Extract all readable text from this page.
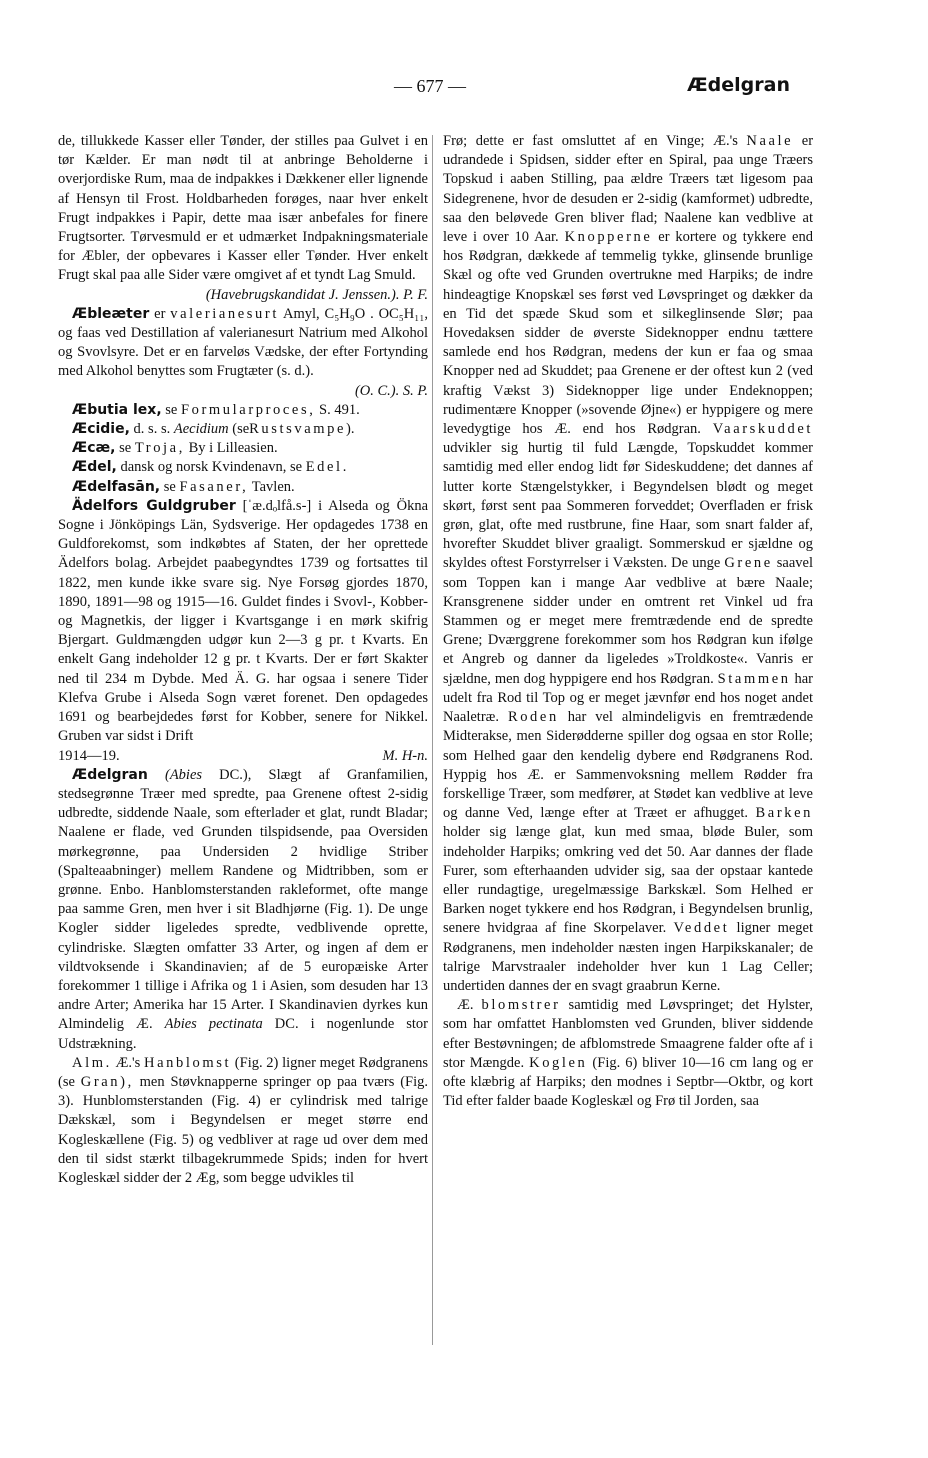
— 677 —	Ædelgran

de, tillukkede Kasser eller Tønder, der stilles paa Gulvet i en tør Kælder. Er man nødt til at anbringe Beholderne i overjordiske Rum, maa de indpakkes i Dækkener eller lignende af Hensyn til Frost. Holdbarheden forøges, naar hver enkelt Frugt indpakkes i Papir, dette maa især anbefales for finere Frugtsorter. Tørvesmuld er et udmærket Indpakningsmateriale for Æbler, der opbevares i Kasser eller Tønder. Hver enkelt Frugt skal paa alle Sider være omgivet af et tyndt Lag Smuld.

(Havebrugskandidat J. Jenssen.). P. F.

Æbleæter er valerianesurt Amyl, C₅H₉O . OC₅H₁₁, og faas ved Destillation af valerianesurt Natrium med Alkohol og Svovlsyre. Det er en farveløs Vædske, der efter Fortynding med Alkohol benyttes som Frugtæter (s. d.).

(O. C.). S. P.

Æbutia lex, se Formularproces, S. 491.

Æcidie, d. s. s. Aecidium (seRustsvampe).

Æcæ, se Troja, By i Lilleasien.

Ædel, dansk og norsk Kvindenavn, se Edel.

Ædelfasān, se Fasaner, Tavlen.

Ädelfors Guldgruber [ˈæ.dₒlfå.s-] i Alseda og Ökna Sogne i Jönköpings Län, Sydsverige. Her opdagedes 1738 en Guldforekomst, som indkøbtes af Staten, der her oprettede Ädelfors bolag. Arbejdet paabegyndtes 1739 og fortsattes til 1822, men kunde ikke svare sig. Nye Forsøg gjordes 1870, 1890, 1891—98 og 1915—16. Guldet findes i Svovl-, Kobber- og Magnetkis, der ligger i Kvartsgange i en mørk skifrig Bjergart. Guldmængden udgør kun 2—3 g pr. t Kvarts. En enkelt Gang indeholder 12 g pr. t Kvarts. Der er ført Skakter ned til 234 m Dybde. Med Ä. G. har ogsaa i senere Tider Klefva Grube i Alseda Sogn været forenet. Den opdagedes 1691 og bearbejdedes først for Kobber, senere for Nikkel. Gruben var sidst i Drift

1914—19.	M. H-n.

Ædelgran (Abies DC.), Slægt af Granfamilien, stedsegrønne Træer med spredte, paa Grenene oftest 2-sidig udbredte, siddende Naale, som efterlader et glat, rundt Bladar; Naalene er flade, ved Grunden tilspidsende, paa Oversiden mørkegrønne, paa Undersiden 2 hvidlige Striber (Spalteaabninger) mellem Randene og Midtribben, som er grønne. Enbo. Hanblomsterstanden rakleformet, ofte mange paa samme Gren, men hver i sit Bladhjørne (Fig. 1). De unge Kogler sidder ligeledes spredte, vedblivende oprette, cylindriske. Slægten omfatter 33 Arter, og ingen af dem er vildtvoksende i Skandinavien; af de 5 europæiske Arter forekommer 1 tillige i Afrika og 1 i Asien, som desuden har 13 andre Arter; Amerika har 15 Arter. I Skandinavien dyrkes kun Almindelig Æ. Abies pectinata DC. i nogenlunde stor Udstrækning.

Alm. Æ.'s Hanblomst (Fig. 2) ligner meget Rødgranens (se Gran), men Støvknapperne springer op paa tværs (Fig. 3). Hunblomsterstanden (Fig. 4) er cylindrisk med talrige Dækskæl, som i Begyndelsen er meget større end Kogleskællene (Fig. 5) og vedbliver at rage ud over dem med den til sidst stærkt tilbagekrummede Spids; inden for hvert Kogleskæl sidder der 2 Æg, som begge udvikles til

Frø; dette er fast omsluttet af en Vinge; Æ.'s Naale er udrandede i Spidsen, sidder efter en Spiral, paa unge Træers Topskud i aaben Stilling, paa ældre Træers tæt ligesom paa Sidegrenene, hvor de desuden er 2-sidig (kamformet) udbredte, saa den beløvede Gren bliver flad; Naalene kan vedblive at leve i over 10 Aar. Knopperne er kortere og tykkere end hos Rødgran, dækkede af temmelig tykke, glinsende brunlige Skæl og ofte ved Grunden overtrukne med Harpiks; de indre hindeagtige Knopskæl ses først ved Løvspringet og dækker da en Tid det spæde Skud som et silkeglinsende Slør; paa Hovedaksen sidder de øverste Sideknopper endnu tættere samlede end hos Rødgran, medens der kun er faa og smaa Knopper ned ad Skuddet; paa Grenene er der oftest kun 2 (ved kraftig Vækst 3) Sideknopper lige under Endeknoppen; rudimentære Knopper (»sovende Øjne«) er hyppigere og mere levedygtige hos Æ. end hos Rødgran. Vaarskuddet udvikler sig hurtig til fuld Længde, Topskuddet kommer samtidig med eller endog lidt før Sideskuddene; det dannes af lutter korte Stængelstykker, i Begyndelsen blødt og meget skørt, først sent paa Sommeren forveddet; Overfladen er frisk grøn, glat, ofte med rustbrune, fine Haar, som snart falder af, hvorefter Skuddet bliver graaligt. Sommerskud er sjældne og skyldes oftest Forstyrrelser i Væksten. De unge Grene saavel som Toppen kan i mange Aar vedblive at bære Naale; Kransgrenene sidder under en omtrent ret Vinkel ud fra Stammen og er meget mere fremtrædende end de spredte Grene; Dværggrene forekommer som hos Rødgran kun ifølge et Angreb og danner da ligeledes »Troldkoste«. Vanris er sjældne, men dog hyppigere end hos Rødgran. Stammen har udelt fra Rod til Top og er meget jævnfør end hos noget andet Naaletræ. Roden har vel almindeligvis en fremtrædende Midterakse, men Siderødderne spiller dog ogsaa en stor Rolle; som Helhed gaar den kendelig dybere end Rødgranens Rod. Hyppig hos Æ. er Sammenvoksning mellem Rødder fra forskellige Træer, som medfører, at Stødet kan vedblive at leve og danne Ved, længe efter at Træet er afhugget. Barken holder sig længe glat, kun med smaa, bløde Buler, som indeholder Harpiks; omkring ved det 50. Aar dannes der flade Furer, som efterhaanden udvider sig, saa der opstaar kantede eller rundagtige, uregelmæssige Barkskæl. Som Helhed er Barken noget tykkere end hos Rødgran, i Begyndelsen brunlig, senere hvidgraa af fine Skorpelaver. Veddet ligner meget Rødgranens, men indeholder næsten ingen Harpikskanaler; de talrige Marvstraaler indeholder hver kun 1 Lag Celler; undertiden dannes der en svagt graabrun Kerne.

Æ. blomstrer samtidig med Løvspringet; det Hylster, som har omfattet Hanblomsten ved Grunden, bliver siddende efter Bestøvningen; de afblomstrede Smaagrene falder ofte af i stor Mængde. Koglen (Fig. 6) bliver 10—16 cm lang og er ofte klæbrig af Harpiks; den modnes i Septbr—Oktbr, og kort Tid efter falder baade Kogleskæl og Frø til Jorden, saa
